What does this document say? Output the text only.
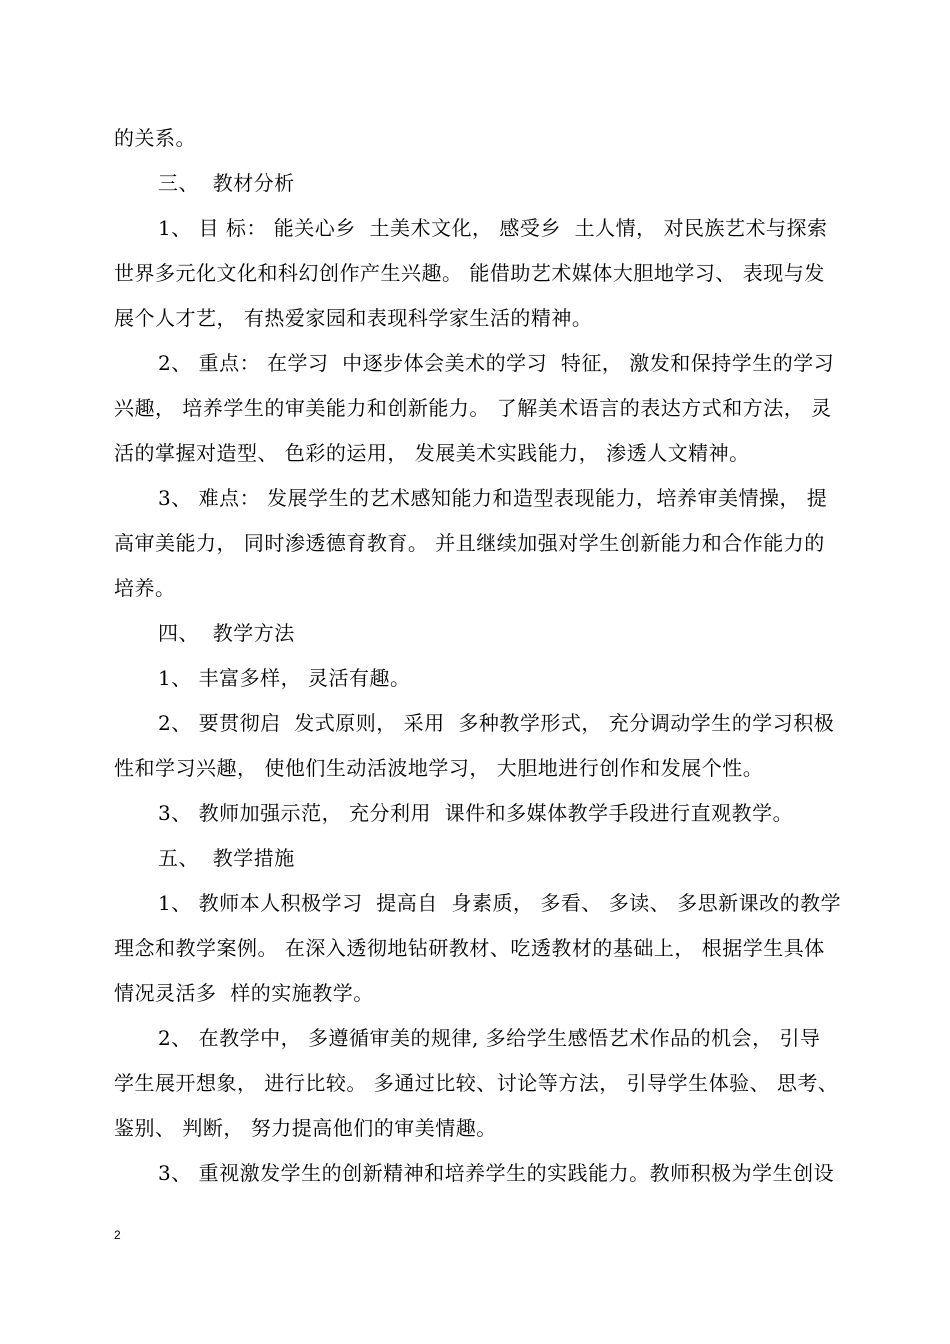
的关系。
三、  教材分析
1、 目 标： 能关心乡  土美术文化， 感受乡  土人情， 对民族艺术与探索
世界多元化文化和科幻创作产生兴趣。 能借助艺术媒体大胆地学习、 表现与发
展个人才艺， 有热爱家园和表现科学家生活的精神。
2、 重点： 在学习  中逐步体会美术的学习  特征， 激发和保持学生的学习
兴趣， 培养学生的审美能力和创新能力。 了解美术语言的表达方式和方法， 灵
活的掌握对造型、 色彩的运用， 发展美术实践能力， 渗透人文精神。
3、 难点： 发展学生的艺术感知能力和造型表现能力，培养审美情操， 提
高审美能力， 同时渗透德育教育。 并且继续加强对学生创新能力和合作能力的
培养。
四、  教学方法
1、 丰富多样， 灵活有趣。
2、 要贯彻启  发式原则， 采用  多种教学形式， 充分调动学生的学习积极
性和学习兴趣， 使他们生动活波地学习， 大胆地进行创作和发展个性。
3、 教师加强示范， 充分利用  课件和多媒体教学手段进行直观教学。
五、  教学措施
1、 教师本人积极学习  提高自  身素质， 多看、 多读、 多思新课改的教学
理念和教学案例。 在深入透彻地钻研教材、吃透教材的基础上， 根据学生具体
情况灵活多  样的实施教学。
2、 在教学中， 多遵循审美的规律, 多给学生感悟艺术作品的机会， 引导
学生展开想象， 进行比较。 多通过比较、讨论等方法， 引导学生体验、 思考、
鉴别、 判断， 努力提高他们的审美情趣。
3、 重视激发学生的创新精神和培养学生的实践能力。教师积极为学生创设
2
